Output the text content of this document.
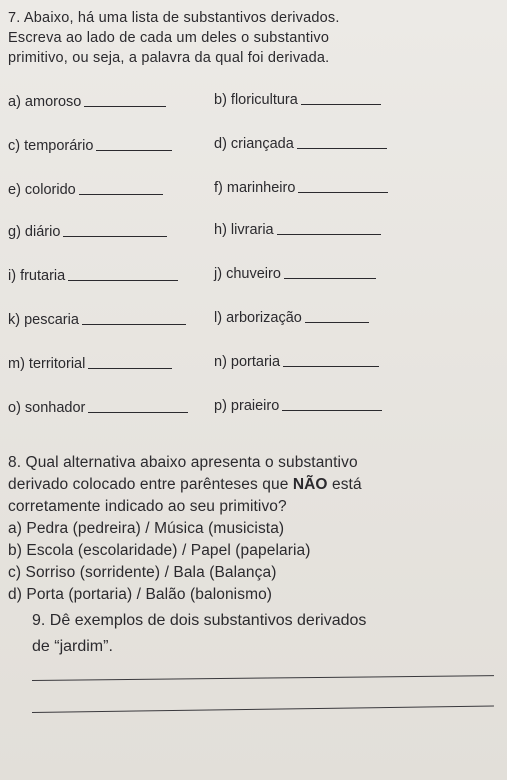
7. Abaixo, há uma lista de substantivos derivados.
Escreva ao lado de cada um deles o substantivo
primitivo, ou seja, a palavra da qual foi derivada.
a) amoroso
c) temporário
e) colorido
g) diário
i) frutaria
k) pescaria
m) territorial
o) sonhador
b) floricultura
d) criançada
f) marinheiro
h) livraria
j) chuveiro
l) arborização
n) portaria
p) praieiro
8. Qual alternativa abaixo apresenta o substantivo
derivado colocado entre parênteses que NÃO está
corretamente indicado ao seu primitivo?
a) Pedra (pedreira) / Música (musicista)
b) Escola (escolaridade) / Papel (papelaria)
c) Sorriso (sorridente) / Bala (Balança)
d) Porta (portaria) / Balão (balonismo)
9. Dê exemplos de dois substantivos derivados
de “jardim”.
